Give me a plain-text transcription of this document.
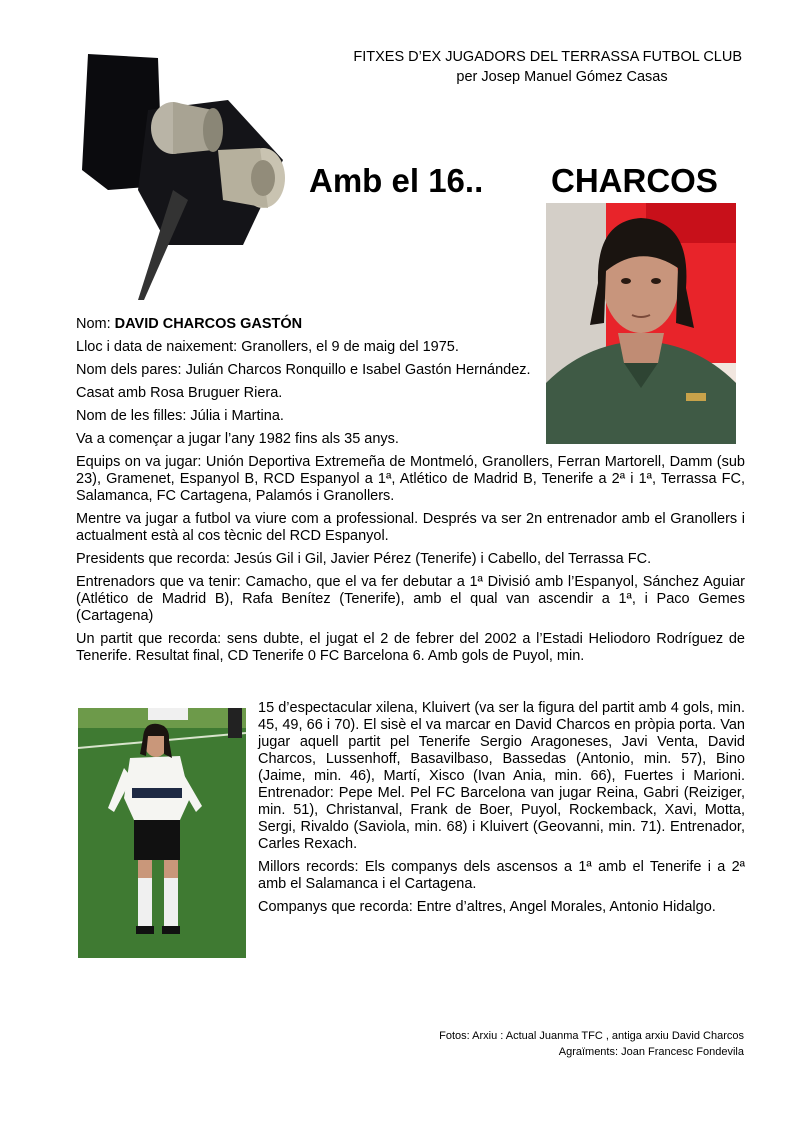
FITXES D’EX JUGADORS DEL TERRASSA FUTBOL CLUB
per Josep Manuel Gómez Casas
Amb el 16.. CHARCOS

Nom: DAVID CHARCOS GASTÓN

Lloc i data de naixement: Granollers, el 9 de maig del 1975.

Nom dels pares: Julián Charcos Ronquillo e Isabel Gastón Hernández.

Casat amb Rosa Bruguer Riera.

Nom de les filles: Júlia i Martina.

Va a començar a jugar l’any 1982 fins als 35 anys.

Equips on va jugar: Unión Deportiva Extremeña de Montmeló, Granollers, Ferran Martorell, Damm (sub 23), Gramenet, Espanyol B, RCD Espanyol a 1ª, Atlético de Madrid B, Tenerife a 2ª i 1ª, Terrassa FC, Salamanca, FC Cartagena, Palamós i Granollers.

Mentre va jugar a futbol va viure com a professional. Després va ser 2n entrenador amb el Granollers i actualment està al cos tècnic del RCD Espanyol.

Presidents que recorda: Jesús Gil i Gil, Javier Pérez (Tenerife) i Cabello, del Terrassa FC.

Entrenadors que va tenir: Camacho, que el va fer debutar a 1ª Divisió amb l’Espanyol, Sánchez Aguiar (Atlético de Madrid B), Rafa Benítez (Tenerife), amb el qual van ascendir a 1ª, i Paco Gemes (Cartagena)

Un partit que recorda: sens dubte, el jugat el 2 de febrer del 2002 a l’Estadi Heliodoro Rodríguez de Tenerife. Resultat final, CD Tenerife 0 FC Barcelona 6. Amb gols de Puyol, min.

15 d’espectacular xilena, Kluivert (va ser la figura del partit amb 4 gols, min. 45, 49, 66 i 70). El sisè el va marcar en David Charcos en pròpia porta. Van jugar aquell partit pel Tenerife Sergio Aragoneses, Javi Venta, David Charcos, Lussenhoff, Basavilbaso, Bassedas (Antonio, min. 57), Bino (Jaime, min. 46), Martí, Xisco (Ivan Ania, min. 66), Fuertes i Marioni. Entrenador: Pepe Mel. Pel FC Barcelona van jugar Reina, Gabri (Reiziger, min. 51), Christanval, Frank de Boer, Puyol, Rockemback, Xavi, Motta, Sergi, Rivaldo (Saviola, min. 68) i Kluivert (Geovanni, min. 71). Entrenador, Carles Rexach.

Millors records: Els companys dels ascensos a 1ª amb el Tenerife i a 2ª amb el Salamanca i el Cartagena.

Companys que recorda: Entre d’altres, Angel Morales, Antonio Hidalgo.

Fotos: Arxiu : Actual Juanma TFC , antiga arxiu David Charcos
Agraïments: Joan Francesc Fondevila
